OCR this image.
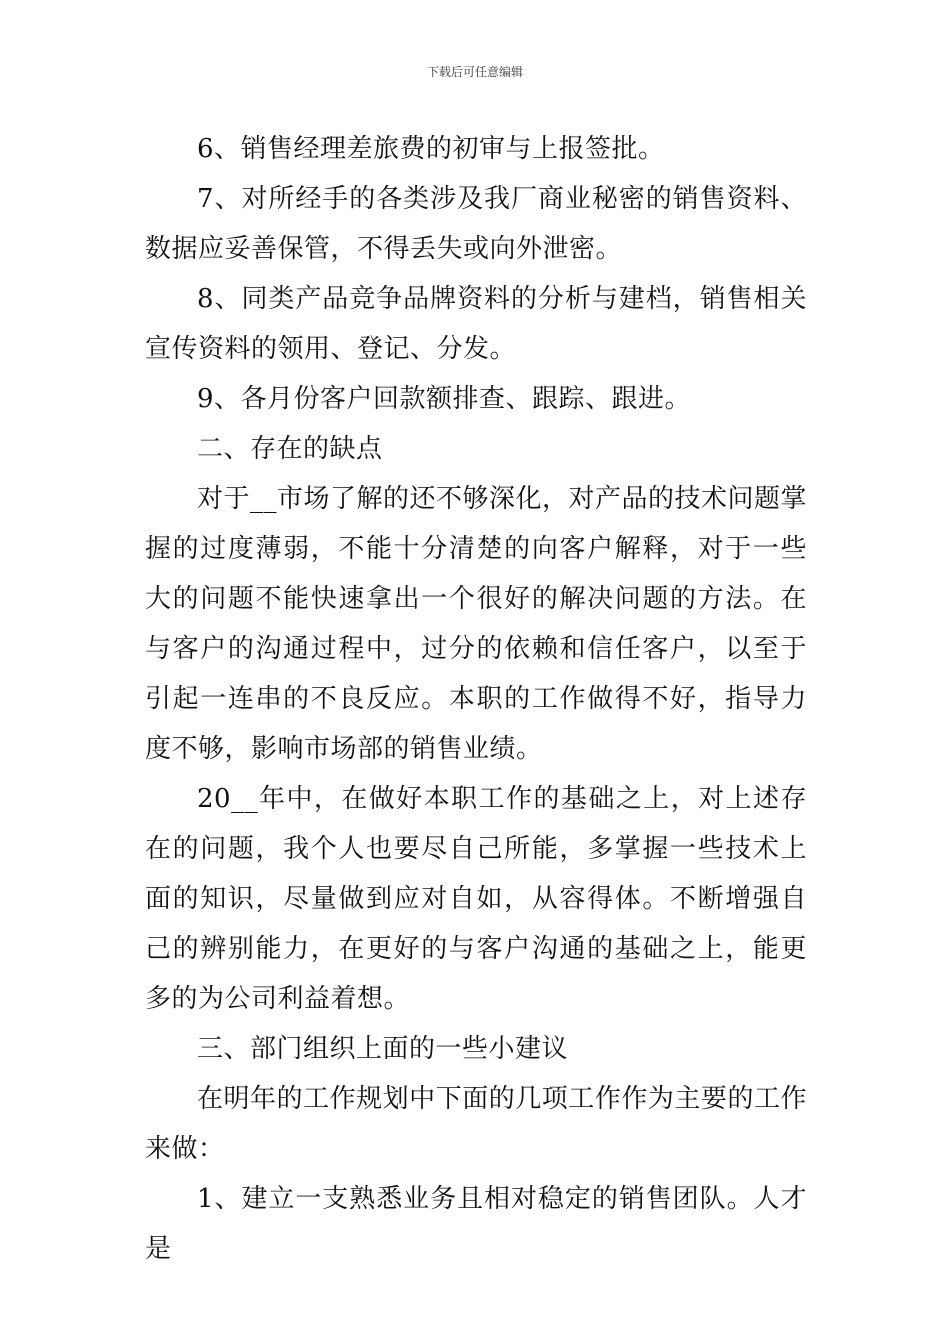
下载后可任意编辑

6、销售经理差旅费的初审与上报签批。

7、对所经手的各类涉及我厂商业秘密的销售资料、数据应妥善保管，不得丢失或向外泄密。

8、同类产品竞争品牌资料的分析与建档，销售相关宣传资料的领用、登记、分发。

9、各月份客户回款额排查、跟踪、跟进。

二、存在的缺点

对于__市场了解的还不够深化，对产品的技术问题掌握的过度薄弱，不能十分清楚的向客户解释，对于一些大的问题不能快速拿出一个很好的解决问题的方法。在与客户的沟通过程中，过分的依赖和信任客户，以至于引起一连串的不良反应。本职的工作做得不好，指导力度不够，影响市场部的销售业绩。

20__年中，在做好本职工作的基础之上，对上述存在的问题，我个人也要尽自己所能，多掌握一些技术上面的知识，尽量做到应对自如，从容得体。不断增强自己的辨别能力，在更好的与客户沟通的基础之上，能更多的为公司利益着想。

三、部门组织上面的一些小建议

在明年的工作规划中下面的几项工作作为主要的工作来做：

1、建立一支熟悉业务且相对稳定的销售团队。人才是
